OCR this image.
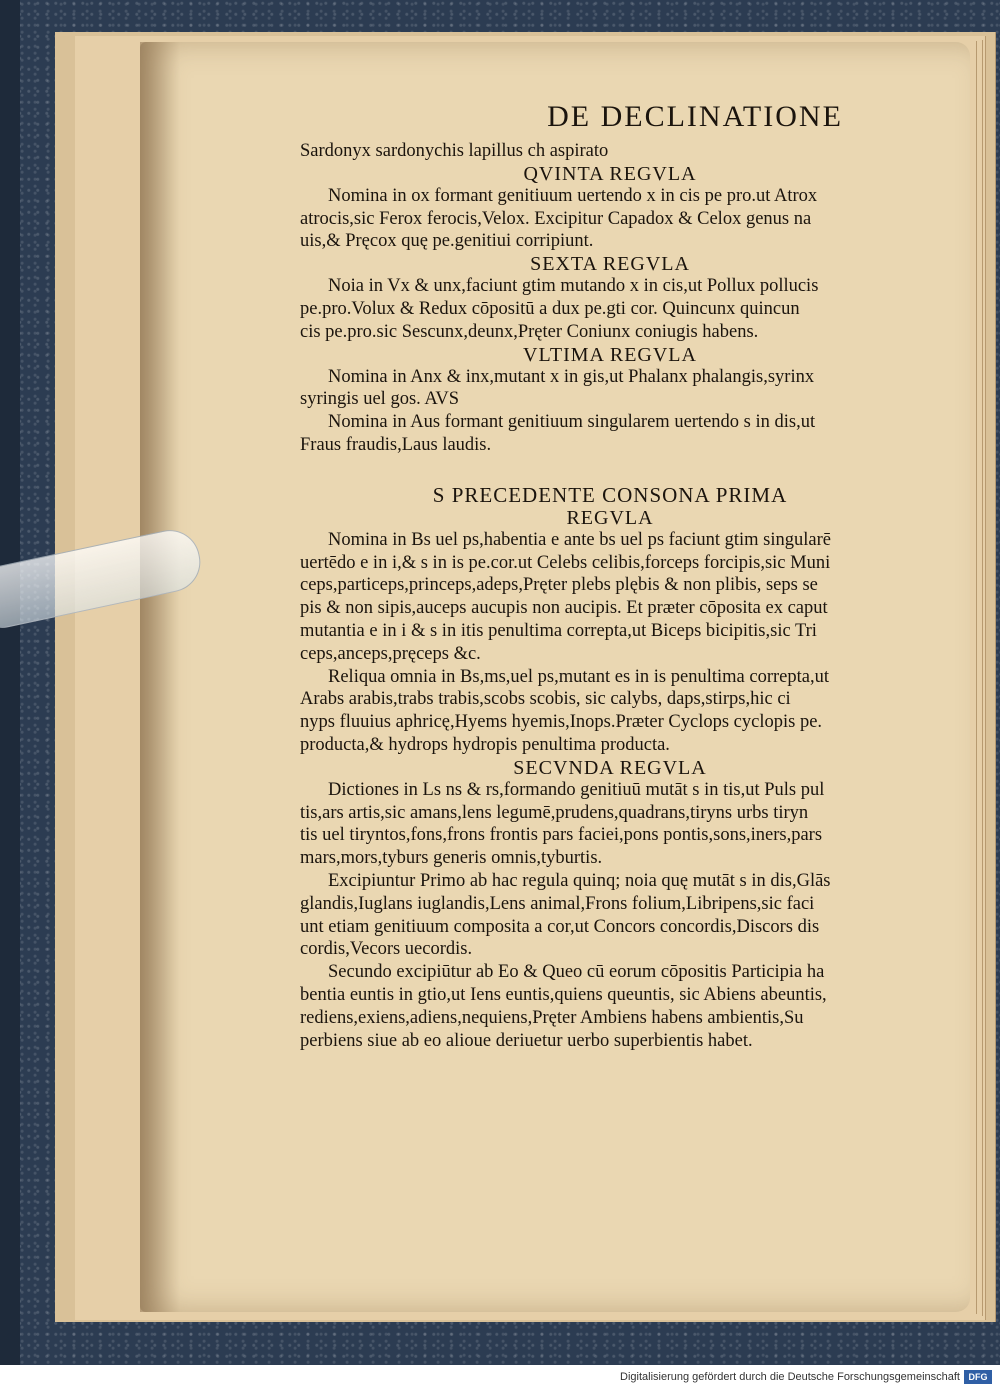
DE DECLINATIONE
Sardonyx sardonychis lapillus ch aspirato
QVINTA REGVLA
Nomina in ox formant genitiuum uertendo x in cis pe pro.ut Atrox
atrocis,sic Ferox ferocis,Velox. Excipitur Capadox & Celox genus na
uis,& Pręcox quę pe.genitiui corripiunt.
SEXTA REGVLA
Noia in Vx & unx,faciunt gtim mutando x in cis,ut Pollux pollucis
pe.pro.Volux & Redux cōpositū a dux pe.gti cor. Quincunx quincun
cis pe.pro.sic Sescunx,deunx,Pręter Coniunx coniugis habens.
VLTIMA REGVLA
Nomina in Anx & inx,mutant x in gis,ut Phalanx phalangis,syrinx
syringis uel gos. AVS
Nomina in Aus formant genitiuum singularem uertendo s in dis,ut
Fraus fraudis,Laus laudis.
S PRECEDENTE CONSONA PRIMA
REGVLA
Nomina in Bs uel ps,habentia e ante bs uel ps faciunt gtim singularē
uertēdo e in i,& s in is pe.cor.ut Celebs celibis,forceps forcipis,sic Muni
ceps,particeps,princeps,adeps,Pręter plebs plębis & non plibis, seps se
pis & non sipis,auceps aucupis non aucipis. Et præter cōposita ex caput
mutantia e in i & s in itis penultima correpta,ut Biceps bicipitis,sic Tri
ceps,anceps,pręceps &c.
Reliqua omnia in Bs,ms,uel ps,mutant es in is penultima correpta,ut
Arabs arabis,trabs trabis,scobs scobis, sic calybs, daps,stirps,hic ci
nyps fluuius aphricę,Hyems hyemis,Inops.Præter Cyclops cyclopis pe.
producta,& hydrops hydropis penultima producta.
SECVNDA REGVLA
Dictiones in Ls ns & rs,formando genitiuū mutāt s in tis,ut Puls pul
tis,ars artis,sic amans,lens legumē,prudens,quadrans,tiryns urbs tiryn
tis uel tiryntos,fons,frons frontis pars faciei,pons pontis,sons,iners,pars
mars,mors,tyburs generis omnis,tyburtis.
Excipiuntur Primo ab hac regula quinq; noia quę mutāt s in dis,Glās
glandis,Iuglans iuglandis,Lens animal,Frons folium,Libripens,sic faci
unt etiam genitiuum composita a cor,ut Concors concordis,Discors dis
cordis,Vecors uecordis.
Secundo excipiūtur ab Eo & Queo cū eorum cōpositis Participia ha
bentia euntis in gtio,ut Iens euntis,quiens queuntis, sic Abiens abeuntis,
rediens,exiens,adiens,nequiens,Pręter Ambiens habens ambientis,Su
perbiens siue ab eo alioue deriuetur uerbo superbientis habet.
Digitalisierung gefördert durch die Deutsche Forschungsgemeinschaft DFG
